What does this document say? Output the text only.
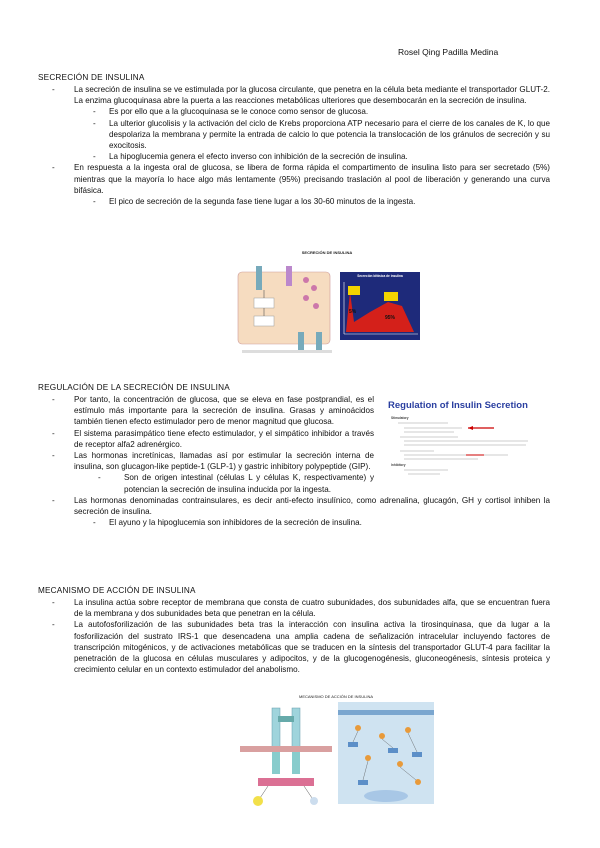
Rosel Qing Padilla Medina
SECRECIÓN DE INSULINA
- La secreción de insulina se ve estimulada por la glucosa circulante, que penetra en la célula beta mediante el transportador GLUT-2. La enzima glucoquinasa abre la puerta a las reacciones metabólicas ulteriores que desembocarán en la secreción de insulina.
- Es por ello que a la glucoquinasa se le conoce como sensor de glucosa.
- La ulterior glucolisis y la activación del ciclo de Krebs proporciona ATP necesario para el cierre de los canales de K, lo que despolariza la membrana y permite la entrada de calcio lo que potencia la translocación de los gránulos de secreción y su exocitosis.
- La hipoglucemia genera el efecto inverso con inhibición de la secreción de insulina.
- En respuesta a la ingesta oral de glucosa, se libera de forma rápida el compartimento de insulina listo para ser secretado (5%) mientras que la mayoría lo hace algo más lentamente (95%) precisando traslación al pool de liberación y generando una curva bifásica.
- El pico de secreción de la segunda fase tiene lugar a los 30-60 minutos de la ingesta.
SECRECIÓN DE INSULINA
Secreción bifásica de insulina
5%
95%
REGULACIÓN DE LA SECRECIÓN DE INSULINA
- Por tanto, la concentración de glucosa, que se eleva en fase postprandial, es el estímulo más importante para la secreción de insulina. Grasas y aminoácidos también tienen efecto estimulador pero de menor magnitud que glucosa.
- El sistema parasimpático tiene efecto estimulador, y el simpático inhibidor a través de receptor alfa2 adrenérgico.
- Las hormonas incretínicas, llamadas así por estimular la secreción interna de insulina, son glucagon-like peptide-1 (GLP-1) y gastric inhibitory polypeptide (GIP).
- Son de origen intestinal (células L y células K, respectivamente) y potencian la secreción de insulina inducida por la ingesta.
- Las hormonas denominadas contrainsulares, es decir anti-efecto insulínico, como adrenalina, glucagón, GH y cortisol inhiben la secreción de insulina.
- El ayuno y la hipoglucemia son inhibidores de la secreción de insulina.
Regulation of Insulin Secretion
Stimulatory
Inhibitory
MECANISMO DE ACCIÓN DE INSULINA
- La insulina actúa sobre receptor de membrana que consta de cuatro subunidades, dos subunidades alfa, que se encuentran fuera de la membrana y dos subunidades beta que penetran en la célula.
- La autofosforilización de las subunidades beta tras la interacción con insulina activa la tirosinquinasa, que da lugar a la fosforilización del sustrato IRS-1 que desencadena una amplia cadena de señalización intracelular incluyendo factores de transcripción mitogénicos, y de activaciones metabólicas que se traducen en la síntesis del transportador GLUT-4 para facilitar la penetración de la glucosa en células musculares y adipocitos, y de la glucogenogénesis, gluconeogénesis, síntesis proteica y crecimiento celular en un contexto estimulador del anabolismo.
MECANISMO DE ACCIÓN DE INSULINA
